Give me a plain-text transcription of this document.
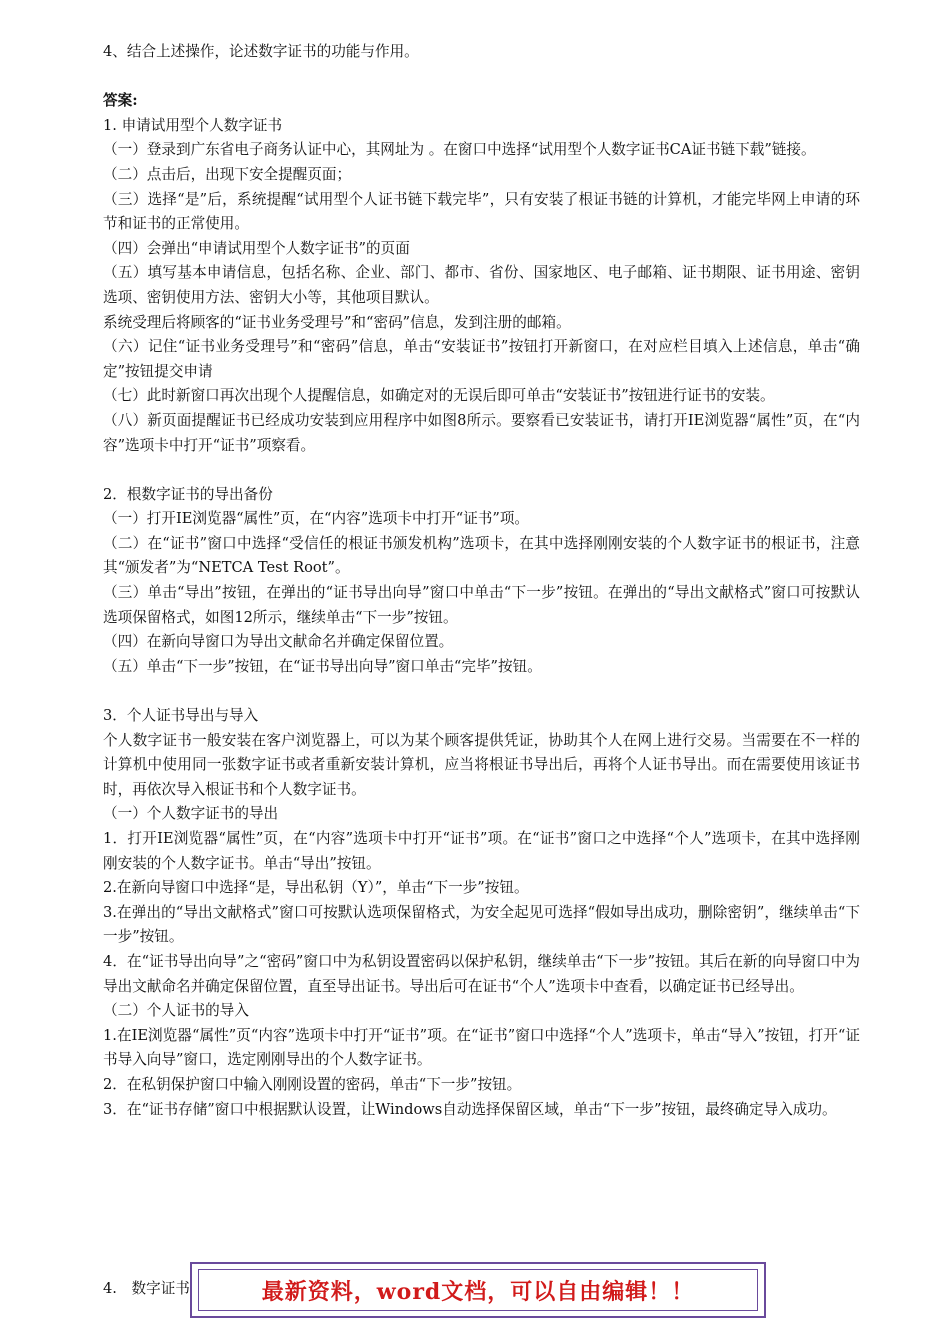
4、结合上述操作，论述数字证书的功能与作用。
答案:
1. 申请试用型个人数字证书
（一）登录到广东省电子商务认证中心，其网址为 。在窗口中选择“试用型个人数字证书CA证书链下载”链接。
（二）点击后，出现下安全提醒页面；
（三）选择“是”后，系统提醒“试用型个人证书链下载完毕”，只有安装了根证书链的计算机，才能完毕网上申请的环节和证书的正常使用。
（四）会弹出“申请试用型个人数字证书”的页面
（五）填写基本申请信息，包括名称、企业、部门、都市、省份、国家地区、电子邮箱、证书期限、证书用途、密钥选项、密钥使用方法、密钥大小等，其他项目默认。
系统受理后将顾客的“证书业务受理号”和“密码”信息，发到注册的邮箱。
（六）记住“证书业务受理号”和“密码”信息，单击“安装证书”按钮打开新窗口，在对应栏目填入上述信息，单击“确定”按钮提交申请
（七）此时新窗口再次出现个人提醒信息，如确定对的无误后即可单击“安装证书”按钮进行证书的安装。
（八）新页面提醒证书已经成功安装到应用程序中如图8所示。要察看已安装证书，请打开IE浏览器“属性”页，在“内容”选项卡中打开“证书”项察看。
2．根数字证书的导出备份
（一）打开IE浏览器“属性”页，在“内容”选项卡中打开“证书”项。
（二）在“证书”窗口中选择“受信任的根证书颁发机构”选项卡，在其中选择刚刚安装的个人数字证书的根证书，注意其“颁发者”为“NETCA Test Root”。
（三）单击“导出”按钮，在弹出的“证书导出向导”窗口中单击“下一步”按钮。在弹出的“导出文献格式”窗口可按默认选项保留格式，如图12所示，继续单击“下一步”按钮。
（四）在新向导窗口为导出文献命名并确定保留位置。
（五）单击“下一步”按钮，在“证书导出向导”窗口单击“完毕”按钮。
3．个人证书导出与导入
个人数字证书一般安装在客户浏览器上，可以为某个顾客提供凭证，协助其个人在网上进行交易。当需要在不一样的计算机中使用同一张数字证书或者重新安装计算机，应当将根证书导出后，再将个人证书导出。而在需要使用该证书时，再依次导入根证书和个人数字证书。
（一）个人数字证书的导出
1．打开IE浏览器“属性”页，在“内容”选项卡中打开“证书”项。在“证书”窗口之中选择“个人”选项卡，在其中选择刚刚安装的个人数字证书。单击“导出”按钮。
2.在新向导窗口中选择“是，导出私钥（Y）”，单击“下一步”按钮。
3.在弹出的“导出文献格式”窗口可按默认选项保留格式，为安全起见可选择“假如导出成功，删除密钥”，继续单击“下一步”按钮。
4．在“证书导出向导”之“密码”窗口中为私钥设置密码以保护私钥，继续单击“下一步”按钮。其后在新的向导窗口中为导出文献命名并确定保留位置，直至导出证书。导出后可在证书“个人”选项卡中查看，以确定证书已经导出。
（二）个人证书的导入
1.在IE浏览器“属性”页“内容”选项卡中打开“证书”项。在“证书”窗口中选择“个人”选项卡，单击“导入”按钮，打开“证书导入向导”窗口，选定刚刚导出的个人数字证书。
2．在私钥保护窗口中输入刚刚设置的密码，单击“下一步”按钮。
3．在“证书存储”窗口中根据默认设置，让Windows自动选择保留区域，单击“下一步”按钮，最终确定导入成功。
4.　数字证书	最新资料，word文档，可以自由编辑！！
